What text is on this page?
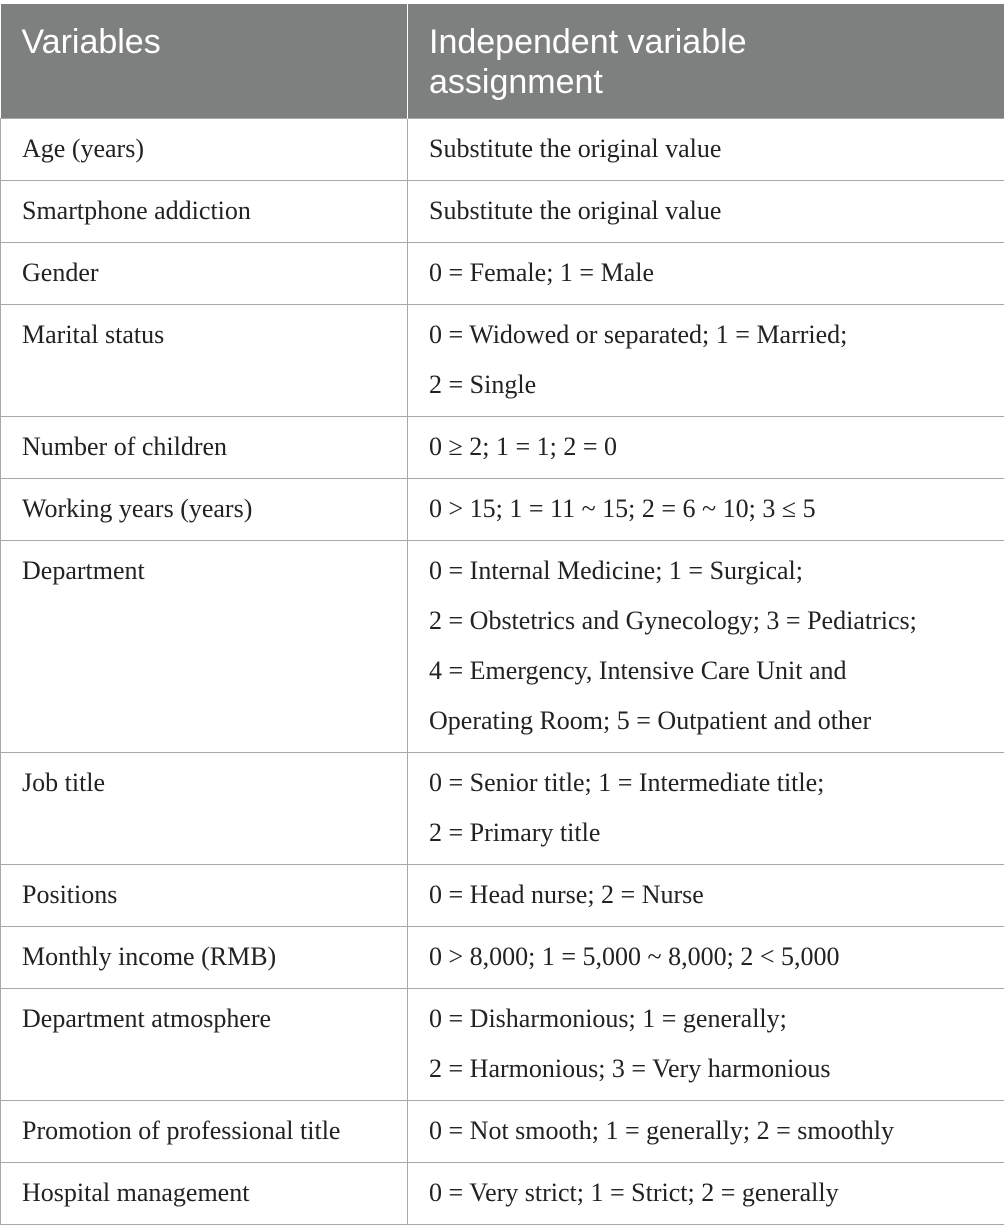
Variables	Independent variable
assignment

Age (years)	Substitute the original value

Smartphone addiction	Substitute the original value

Gender	0 = Female; 1 = Male

Marital status	0 = Widowed or separated; 1 = Married;
2 = Single

Number of children	0 ≥ 2; 1 = 1; 2 = 0

Working years (years)	0 > 15; 1 = 11 ~ 15; 2 = 6 ~ 10; 3 ≤ 5

Department	0 = Internal Medicine; 1 = Surgical;
2 = Obstetrics and Gynecology; 3 = Pediatrics;
4 = Emergency, Intensive Care Unit and
Operating Room; 5 = Outpatient and other

Job title	0 = Senior title; 1 = Intermediate title;
2 = Primary title

Positions	0 = Head nurse; 2 = Nurse

Monthly income (RMB)	0 > 8,000; 1 = 5,000 ~ 8,000; 2 < 5,000

Department atmosphere	0 = Disharmonious; 1 = generally;
2 = Harmonious; 3 = Very harmonious

Promotion of professional title	0 = Not smooth; 1 = generally; 2 = smoothly

Hospital management	0 = Very strict; 1 = Strict; 2 = generally
